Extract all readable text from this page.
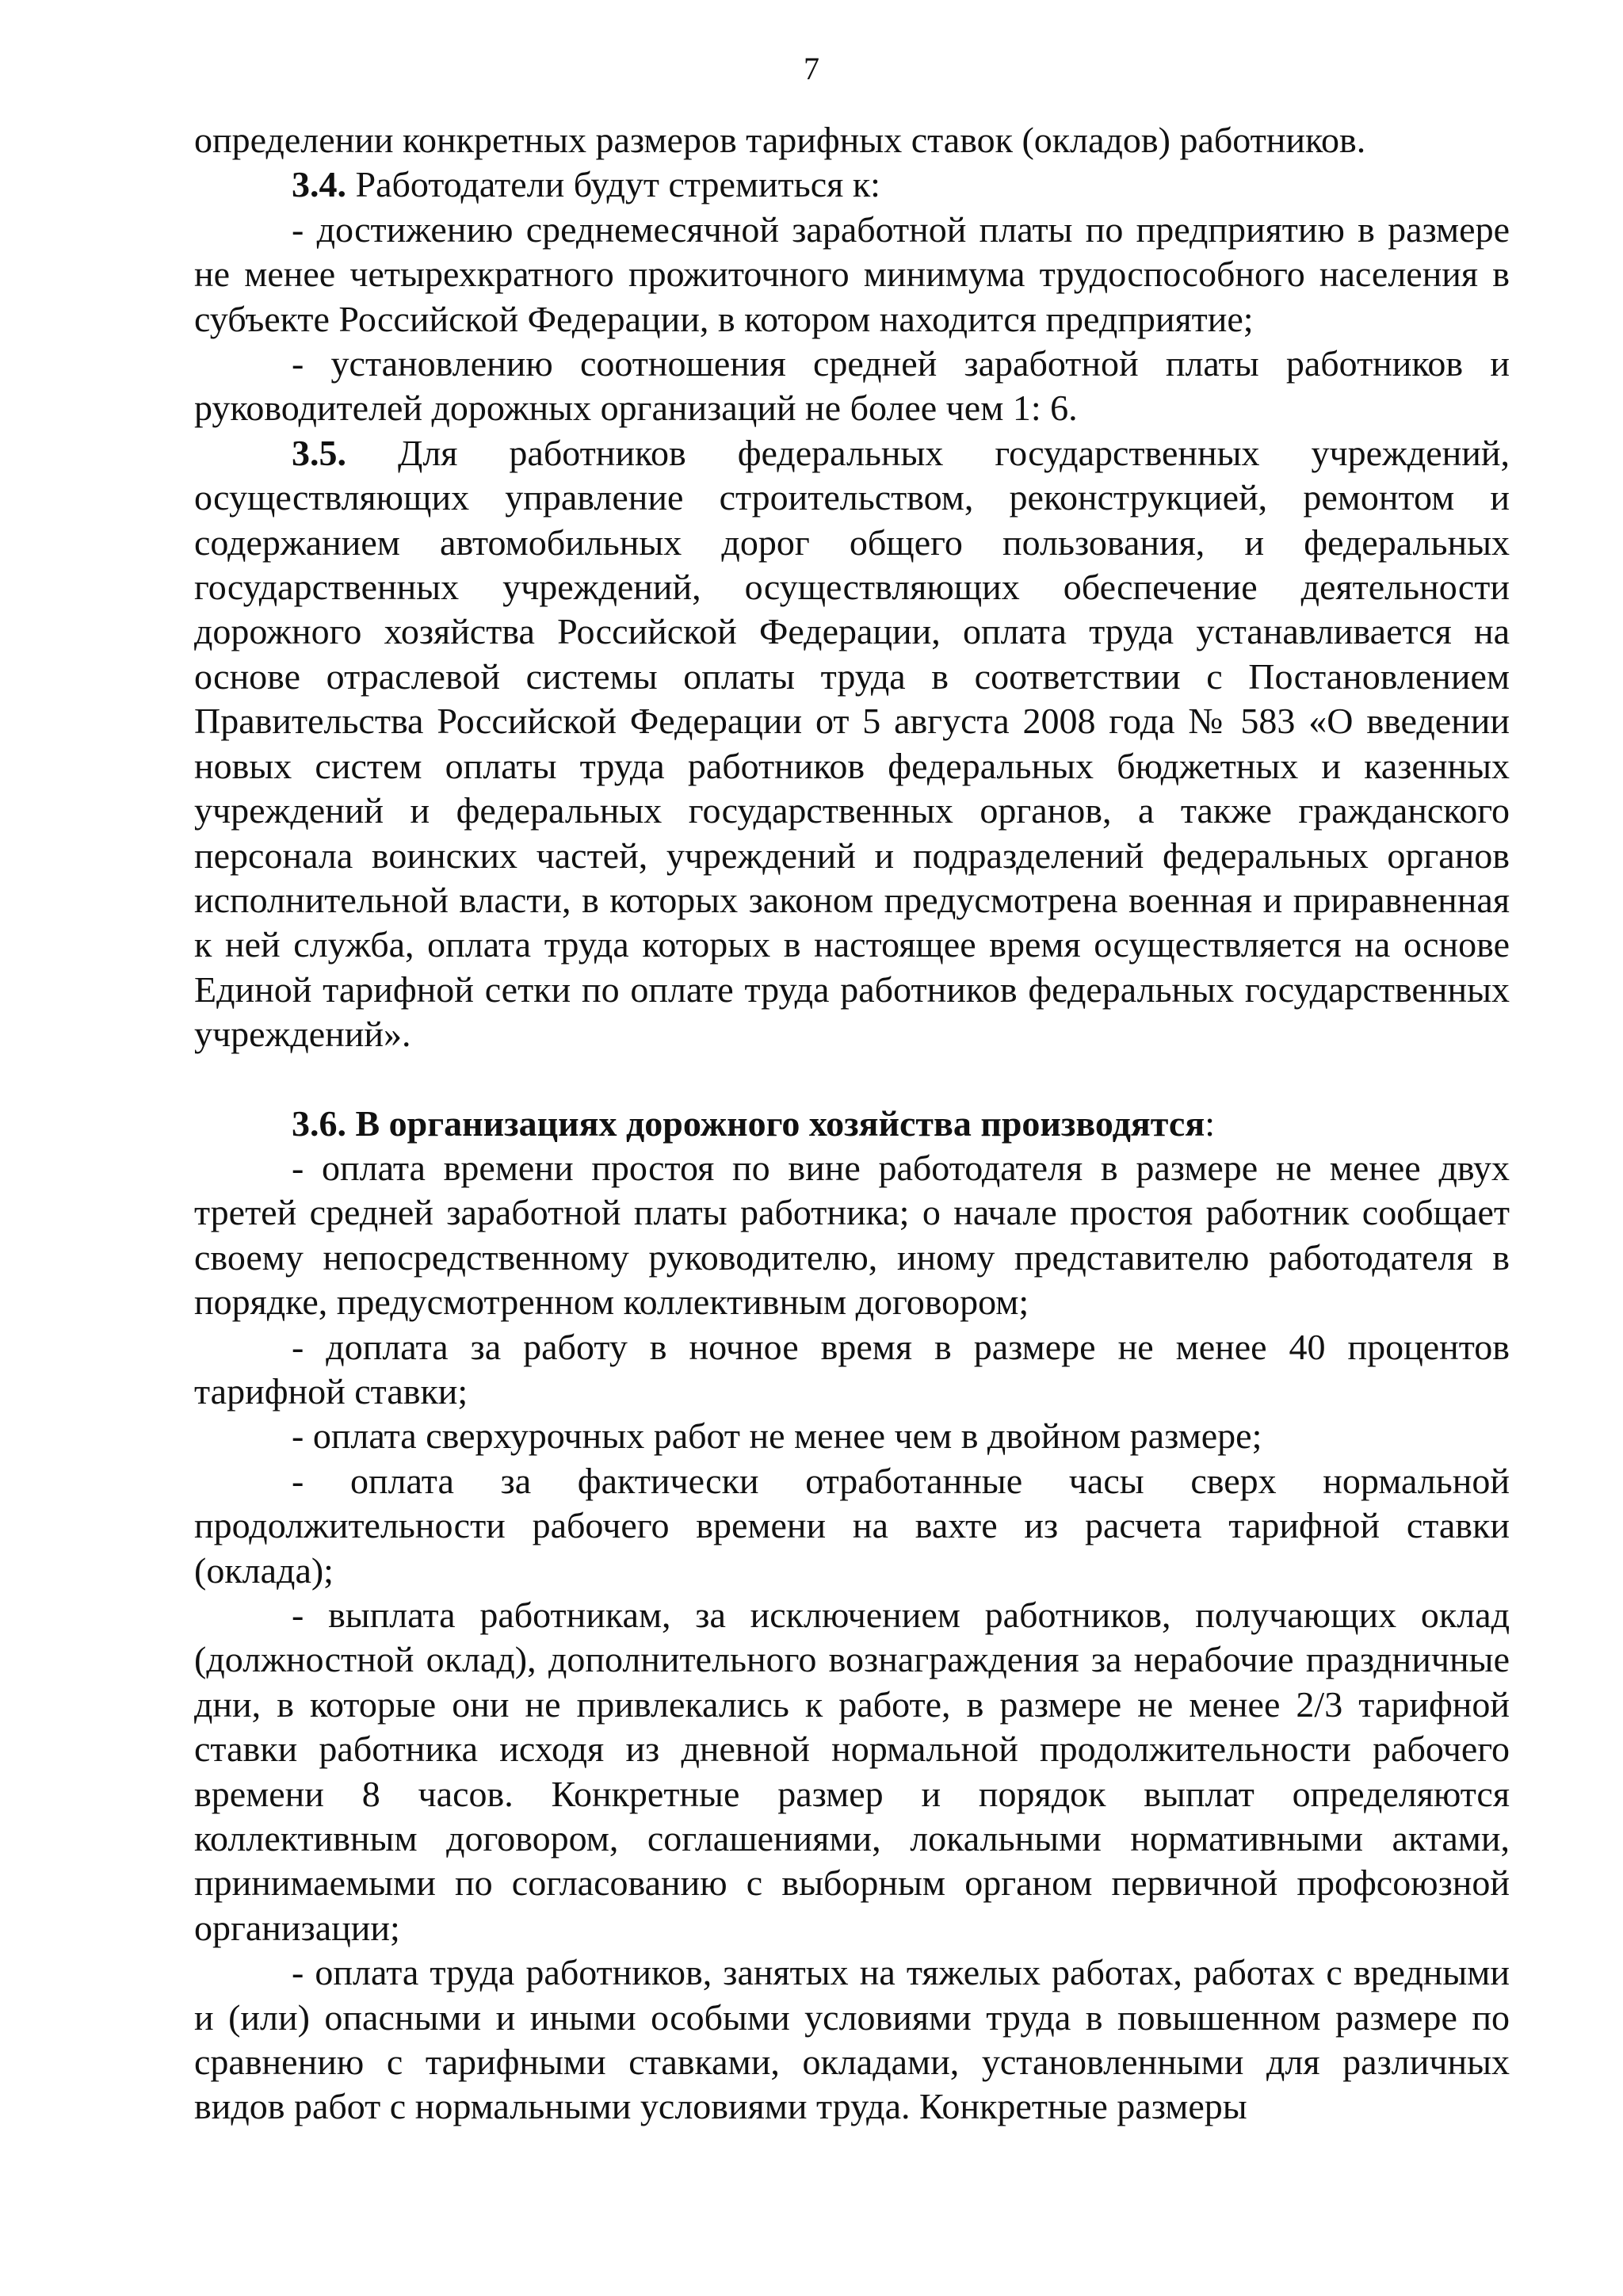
7

определении конкретных размеров тарифных ставок (окладов) работников.

3.4. Работодатели будут стремиться к:

- достижению среднемесячной заработной платы по предприятию в размере не менее четырехкратного прожиточного минимума трудоспособного населения в субъекте Российской Федерации, в котором находится предприятие;

- установлению соотношения средней заработной платы работников и руководителей дорожных организаций не более чем 1: 6.

3.5. Для работников федеральных государственных учреждений, осуществляющих управление строительством, реконструкцией, ремонтом и содержанием автомобильных дорог общего пользования, и федеральных государственных учреждений, осуществляющих обеспечение деятельности дорожного хозяйства Российской Федерации, оплата труда устанавливается на основе отраслевой системы оплаты труда в соответствии с Постановлением Правительства Российской Федерации от 5 августа 2008 года № 583 «О введении новых систем оплаты труда работников федеральных бюджетных и казенных учреждений и федеральных государственных органов, а также гражданского персонала воинских частей, учреждений и подразделений федеральных органов исполнительной власти, в которых законом предусмотрена военная и приравненная к ней служба, оплата труда которых в настоящее время осуществляется на основе Единой тарифной сетки по оплате труда работников федеральных государственных учреждений».

3.6. В организациях дорожного хозяйства производятся:

- оплата времени простоя по вине работодателя в размере не менее двух третей средней заработной платы работника; о начале простоя работник сообщает своему непосредственному руководителю, иному представителю работодателя в порядке, предусмотренном коллективным договором;

- доплата за работу в ночное время в размере не менее 40 процентов тарифной ставки;

- оплата сверхурочных работ не менее чем в двойном размере;

- оплата за фактически отработанные часы сверх нормальной продолжительности рабочего времени на вахте из расчета тарифной ставки (оклада);

- выплата работникам, за исключением работников, получающих оклад (должностной оклад), дополнительного вознаграждения за нерабочие праздничные дни, в которые они не привлекались к работе, в размере не менее 2/3 тарифной ставки работника исходя из дневной нормальной продолжительности рабочего времени 8 часов. Конкретные размер и порядок выплат определяются коллективным договором, соглашениями, локальными нормативными актами, принимаемыми по согласованию с выборным органом первичной профсоюзной организации;

- оплата труда работников, занятых на тяжелых работах, работах с вредными и (или) опасными и иными особыми условиями труда в повышенном размере по сравнению с тарифными ставками, окладами, установленными для различных видов работ с нормальными условиями труда. Конкретные размеры
